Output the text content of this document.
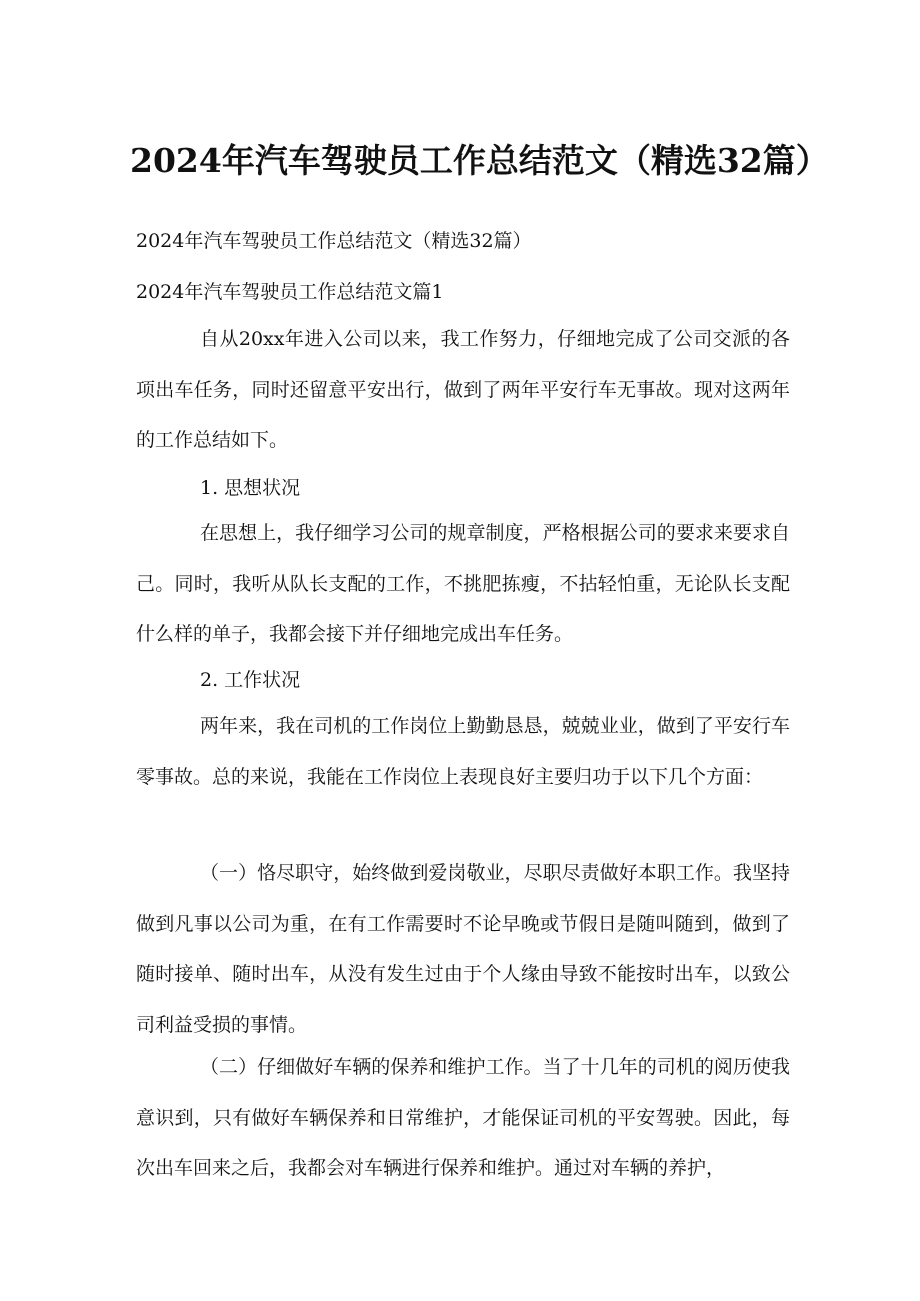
2024年汽车驾驶员工作总结范文（精选32篇）

2024年汽车驾驶员工作总结范文（精选32篇）

2024年汽车驾驶员工作总结范文篇1

自从20xx年进入公司以来，我工作努力，仔细地完成了公司交派的各项出车任务，同时还留意平安出行，做到了两年平安行车无事故。现对这两年的工作总结如下。

1. 思想状况

在思想上，我仔细学习公司的规章制度，严格根据公司的要求来要求自己。同时，我听从队长支配的工作，不挑肥拣瘦，不拈轻怕重，无论队长支配什么样的单子，我都会接下并仔细地完成出车任务。

2. 工作状况

两年来，我在司机的工作岗位上勤勤恳恳，兢兢业业，做到了平安行车零事故。总的来说，我能在工作岗位上表现良好主要归功于以下几个方面：

（一）恪尽职守，始终做到爱岗敬业，尽职尽责做好本职工作。我坚持做到凡事以公司为重，在有工作需要时不论早晚或节假日是随叫随到，做到了随时接单、随时出车，从没有发生过由于个人缘由导致不能按时出车，以致公司利益受损的事情。

（二）仔细做好车辆的保养和维护工作。当了十几年的司机的阅历使我意识到，只有做好车辆保养和日常维护，才能保证司机的平安驾驶。因此，每次出车回来之后，我都会对车辆进行保养和维护。通过对车辆的养护，
